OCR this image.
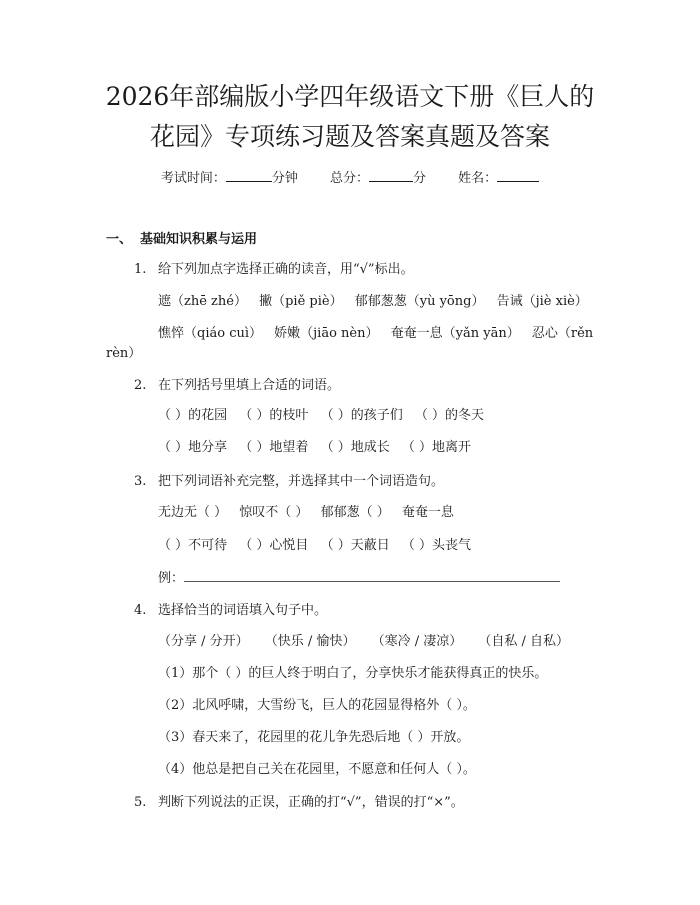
2026年部编版小学四年级语文下册《巨人的
花园》专项练习题及答案真题及答案
考试时间：	分钟 总分：	分 姓名：
一、 基础知识积累与运用
1. 给下列加点字选择正确的读音，用“√”标出。
遮（zhē zhé） 撇（piě piè） 郁郁葱葱（yù yōng） 告诫（jiè xiè）
憔悴（qiáo cuì） 娇嫩（jiāo nèn） 奄奄一息（yǎn yān） 忍心（rěn
rèn）
2. 在下列括号里填上合适的词语。
（ ）的花园 （ ）的枝叶 （ ）的孩子们 （ ）的冬天
（ ）地分享 （ ）地望着 （ ）地成长 （ ）地离开
3. 把下列词语补充完整，并选择其中一个词语造句。
无边无（ ） 惊叹不（ ） 郁郁葱（ ） 奄奄一息
（ ）不可待 （ ）心悦目 （ ）天蔽日 （ ）头丧气
例：
4. 选择恰当的词语填入句子中。
（分享 / 分开） （快乐 / 愉快） （寒冷 / 凄凉） （自私 / 自私）
（1）那个（ ）的巨人终于明白了，分享快乐才能获得真正的快乐。
（2）北风呼啸，大雪纷飞，巨人的花园显得格外（ ）。
（3）春天来了，花园里的花儿争先恐后地（ ）开放。
（4）他总是把自己关在花园里，不愿意和任何人（ ）。
5. 判断下列说法的正误，正确的打“√”，错误的打“×”。
